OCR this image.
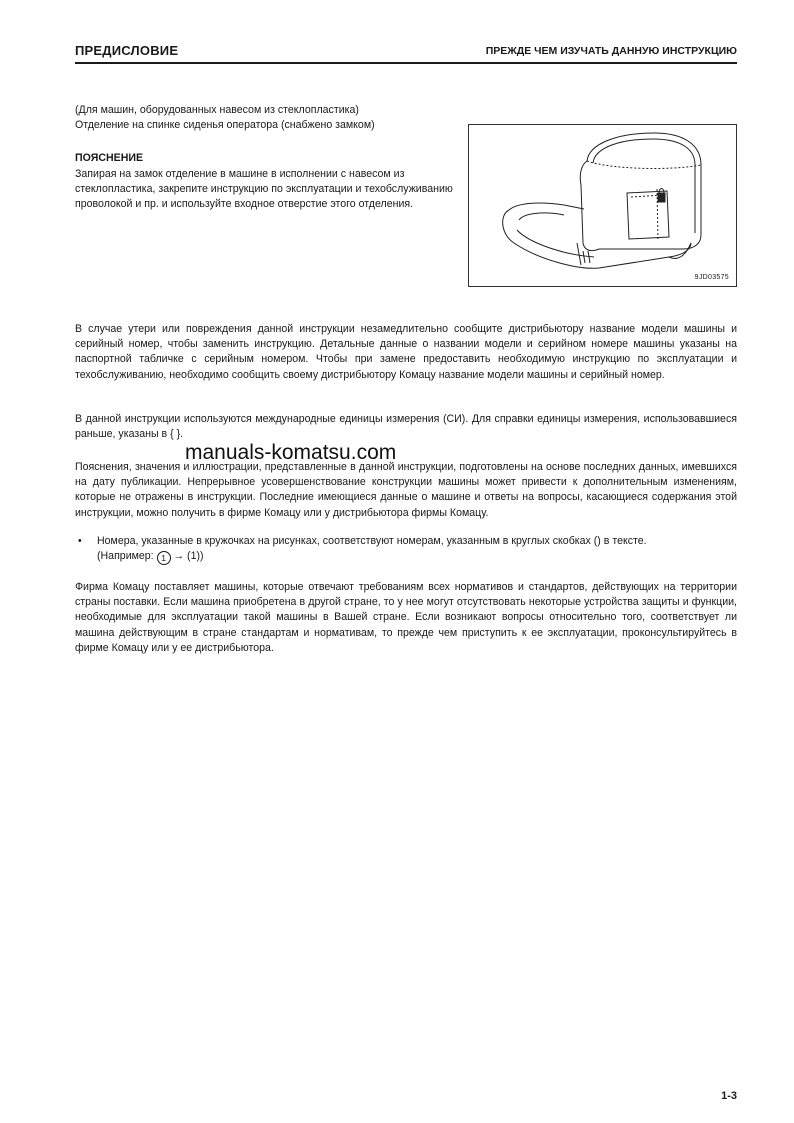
ПРЕДИСЛОВИЕ	ПРЕЖДЕ ЧЕМ ИЗУЧАТЬ ДАННУЮ ИНСТРУКЦИЮ
(Для машин, оборудованных навесом из стеклопластика)
Отделение на спинке сиденья оператора (снабжено замком)
ПОЯСНЕНИЕ

Запирая на замок отделение в машине в исполнении с навесом из стеклопластика, закрепите инструкцию по эксплуатации и техобслуживанию проволокой и пр. и используйте входное отверстие этого отделения.

9JD03575

В случае утери или повреждения данной инструкции незамедлительно сообщите дистрибьютору название модели машины и серийный номер, чтобы заменить инструкцию. Детальные данные о названии модели и серийном номере машины указаны на паспортной табличке с серийным номером. Чтобы при замене предоставить необходимую инструкцию по эксплуатации и техобслуживанию, необходимо сообщить своему дистрибьютору Комацу название модели машины и серийный номер.

В данной инструкции используются международные единицы измерения (СИ). Для справки единицы измерения, использовавшиеся раньше, указаны в { }.

manuals-komatsu.com

Пояснения, значения и иллюстрации, представленные в данной инструкции, подготовлены на основе последних данных, имевшихся на дату публикации. Непрерывное усовершенствование конструкции машины может привести к дополнительным изменениям, которые не отражены в инструкции. Последние имеющиеся данные о машине и ответы на вопросы, касающиеся содержания этой инструкции, можно получить в фирме Комацу или у дистрибьютора фирмы Комацу.

• Номера, указанные в кружочках на рисунках, соответствуют номерам, указанным в круглых скобках () в тексте.
(Например: 1 → (1))

Фирма Комацу поставляет машины, которые отвечают требованиям всех нормативов и стандартов, действующих на территории страны поставки. Если машина приобретена в другой стране, то у нее могут отсутствовать некоторые устройства защиты и функции, необходимые для эксплуатации такой машины в Вашей стране. Если возникают вопросы относительно того, соответствует ли машина действующим в стране стандартам и нормативам, то прежде чем приступить к ее эксплуатации, проконсультируйтесь в фирме Комацу или у ее дистрибьютора.

1-3
